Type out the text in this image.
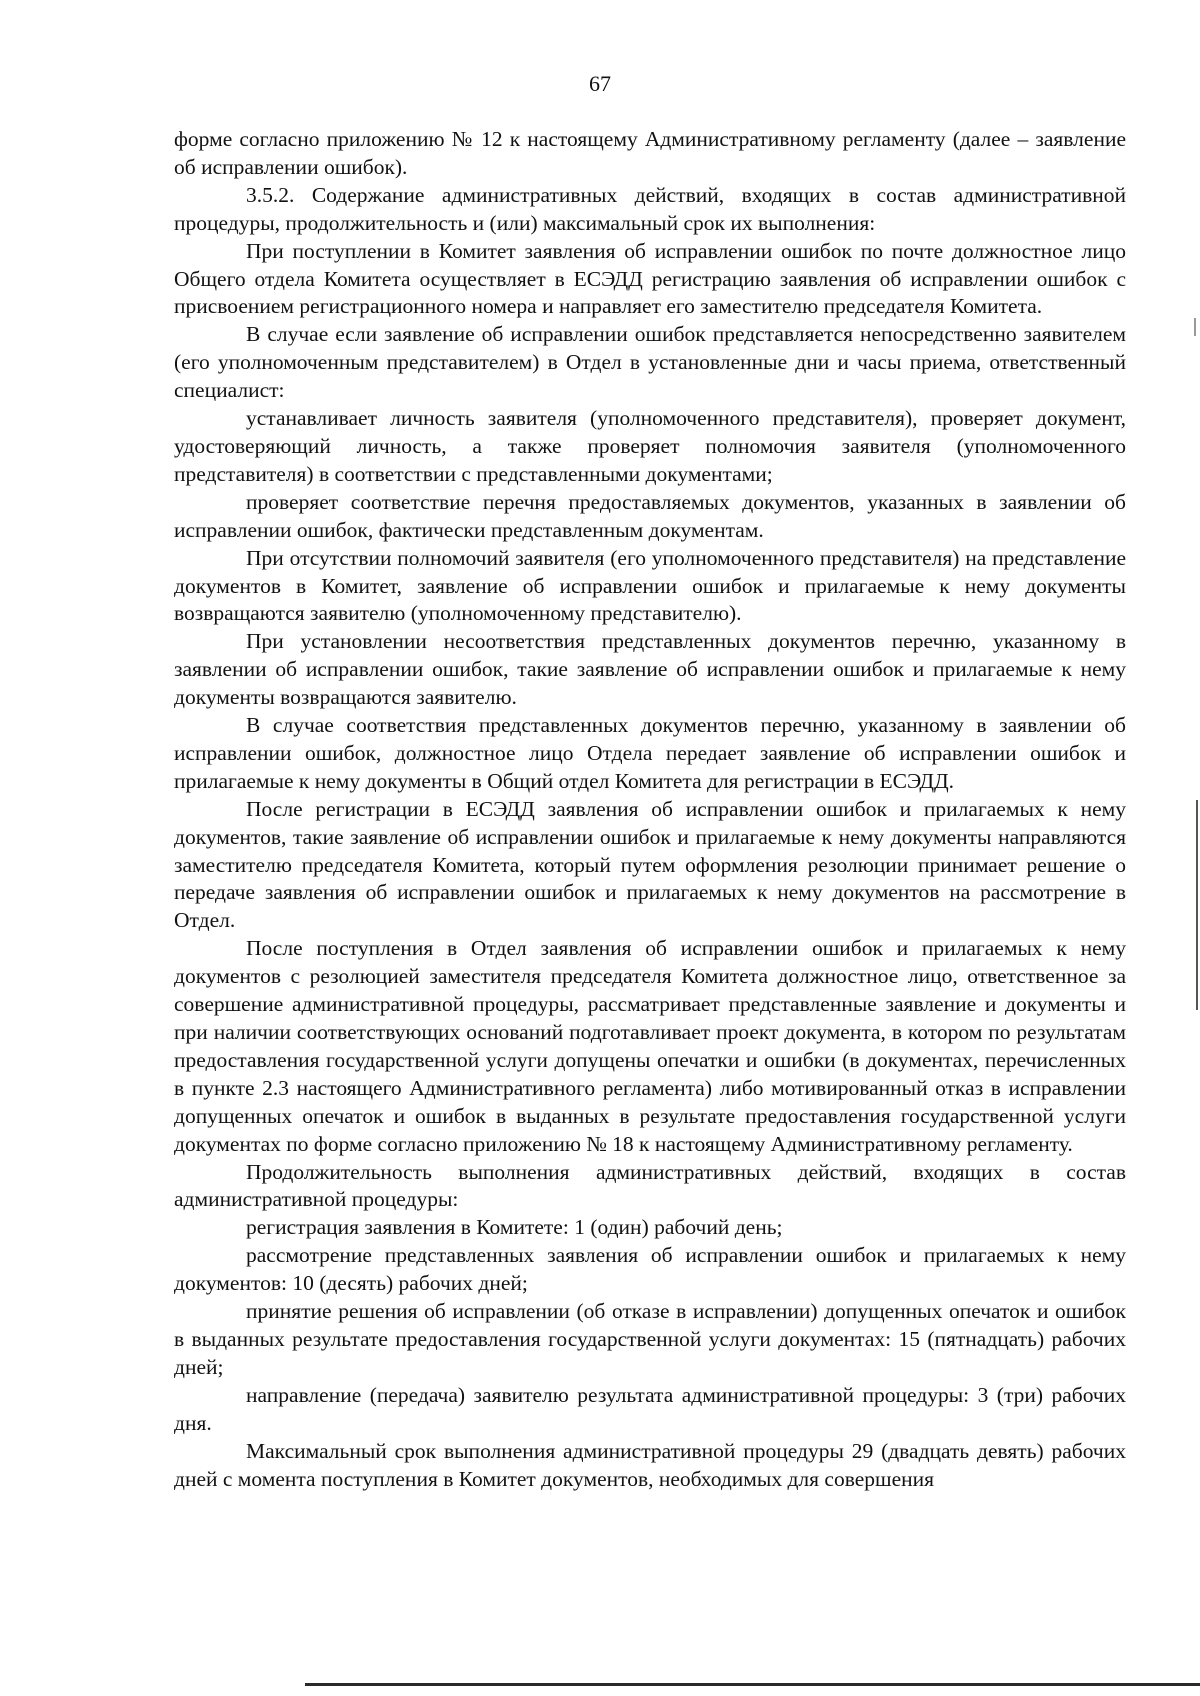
67

форме согласно приложению № 12 к настоящему Административному регламенту (далее – заявление об исправлении ошибок).

3.5.2. Содержание административных действий, входящих в состав административной процедуры, продолжительность и (или) максимальный срок их выполнения:

При поступлении в Комитет заявления об исправлении ошибок по почте должностное лицо Общего отдела Комитета осуществляет в ЕСЭДД регистрацию заявления об исправлении ошибок с присвоением регистрационного номера и направляет его заместителю председателя Комитета.

В случае если заявление об исправлении ошибок представляется непосредственно заявителем (его уполномоченным представителем) в Отдел в установленные дни и часы приема, ответственный специалист:

устанавливает личность заявителя (уполномоченного представителя), проверяет документ, удостоверяющий личность, а также проверяет полномочия заявителя (уполномоченного представителя) в соответствии с представленными документами;

проверяет соответствие перечня предоставляемых документов, указанных в заявлении об исправлении ошибок, фактически представленным документам.

При отсутствии полномочий заявителя (его уполномоченного представителя) на представление документов в Комитет, заявление об исправлении ошибок и прилагаемые к нему документы возвращаются заявителю (уполномоченному представителю).

При установлении несоответствия представленных документов перечню, указанному в заявлении об исправлении ошибок, такие заявление об исправлении ошибок и прилагаемые к нему документы возвращаются заявителю.

В случае соответствия представленных документов перечню, указанному в заявлении об исправлении ошибок, должностное лицо Отдела передает заявление об исправлении ошибок и прилагаемые к нему документы в Общий отдел Комитета для регистрации в ЕСЭДД.

После регистрации в ЕСЭДД заявления об исправлении ошибок и прилагаемых к нему документов, такие заявление об исправлении ошибок и прилагаемые к нему документы направляются заместителю председателя Комитета, который путем оформления резолюции принимает решение о передаче заявления об исправлении ошибок и прилагаемых к нему документов на рассмотрение в Отдел.

После поступления в Отдел заявления об исправлении ошибок и прилагаемых к нему документов с резолюцией заместителя председателя Комитета должностное лицо, ответственное за совершение административной процедуры, рассматривает представленные заявление и документы и при наличии соответствующих оснований подготавливает проект документа, в котором по результатам предоставления государственной услуги допущены опечатки и ошибки (в документах, перечисленных в пункте 2.3 настоящего Административного регламента) либо мотивированный отказ в исправлении допущенных опечаток и ошибок в выданных в результате предоставления государственной услуги документах по форме согласно приложению № 18 к настоящему Административному регламенту.

Продолжительность выполнения административных действий, входящих в состав административной процедуры:

регистрация заявления в Комитете: 1 (один) рабочий день;

рассмотрение представленных заявления об исправлении ошибок и прилагаемых к нему документов: 10 (десять) рабочих дней;

принятие решения об исправлении (об отказе в исправлении) допущенных опечаток и ошибок в выданных результате предоставления государственной услуги документах: 15 (пятнадцать) рабочих дней;

направление (передача) заявителю результата административной процедуры: 3 (три) рабочих дня.

Максимальный срок выполнения административной процедуры 29 (двадцать девять) рабочих дней с момента поступления в Комитет документов, необходимых для совершения
